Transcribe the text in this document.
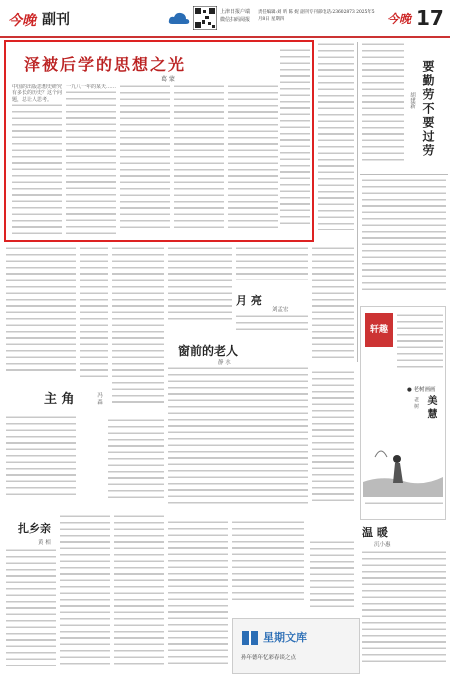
今晚 副刊	上津日报户端
微信扫码阅报
责任编辑:刘 昕 陈 妮 副刊专刊部电话:23602873 2025年5月8日 星期四	今晚 17
泽被后学的思想之光
葛 蒙
中国的出版思想史研究有多长的历史？这个问题，总让人思考。
一九八一年的某天……	要勤劳不要过劳
胡建新
主 角	冯 森
月 亮
刘孟宏
窗前的老人
静 水
轩趣
● 老树画画
美 慧
老 树
扎乡亲
黄 相
星期文库
孙年德年忆彩春谈之点
温 暖
沉小惠
